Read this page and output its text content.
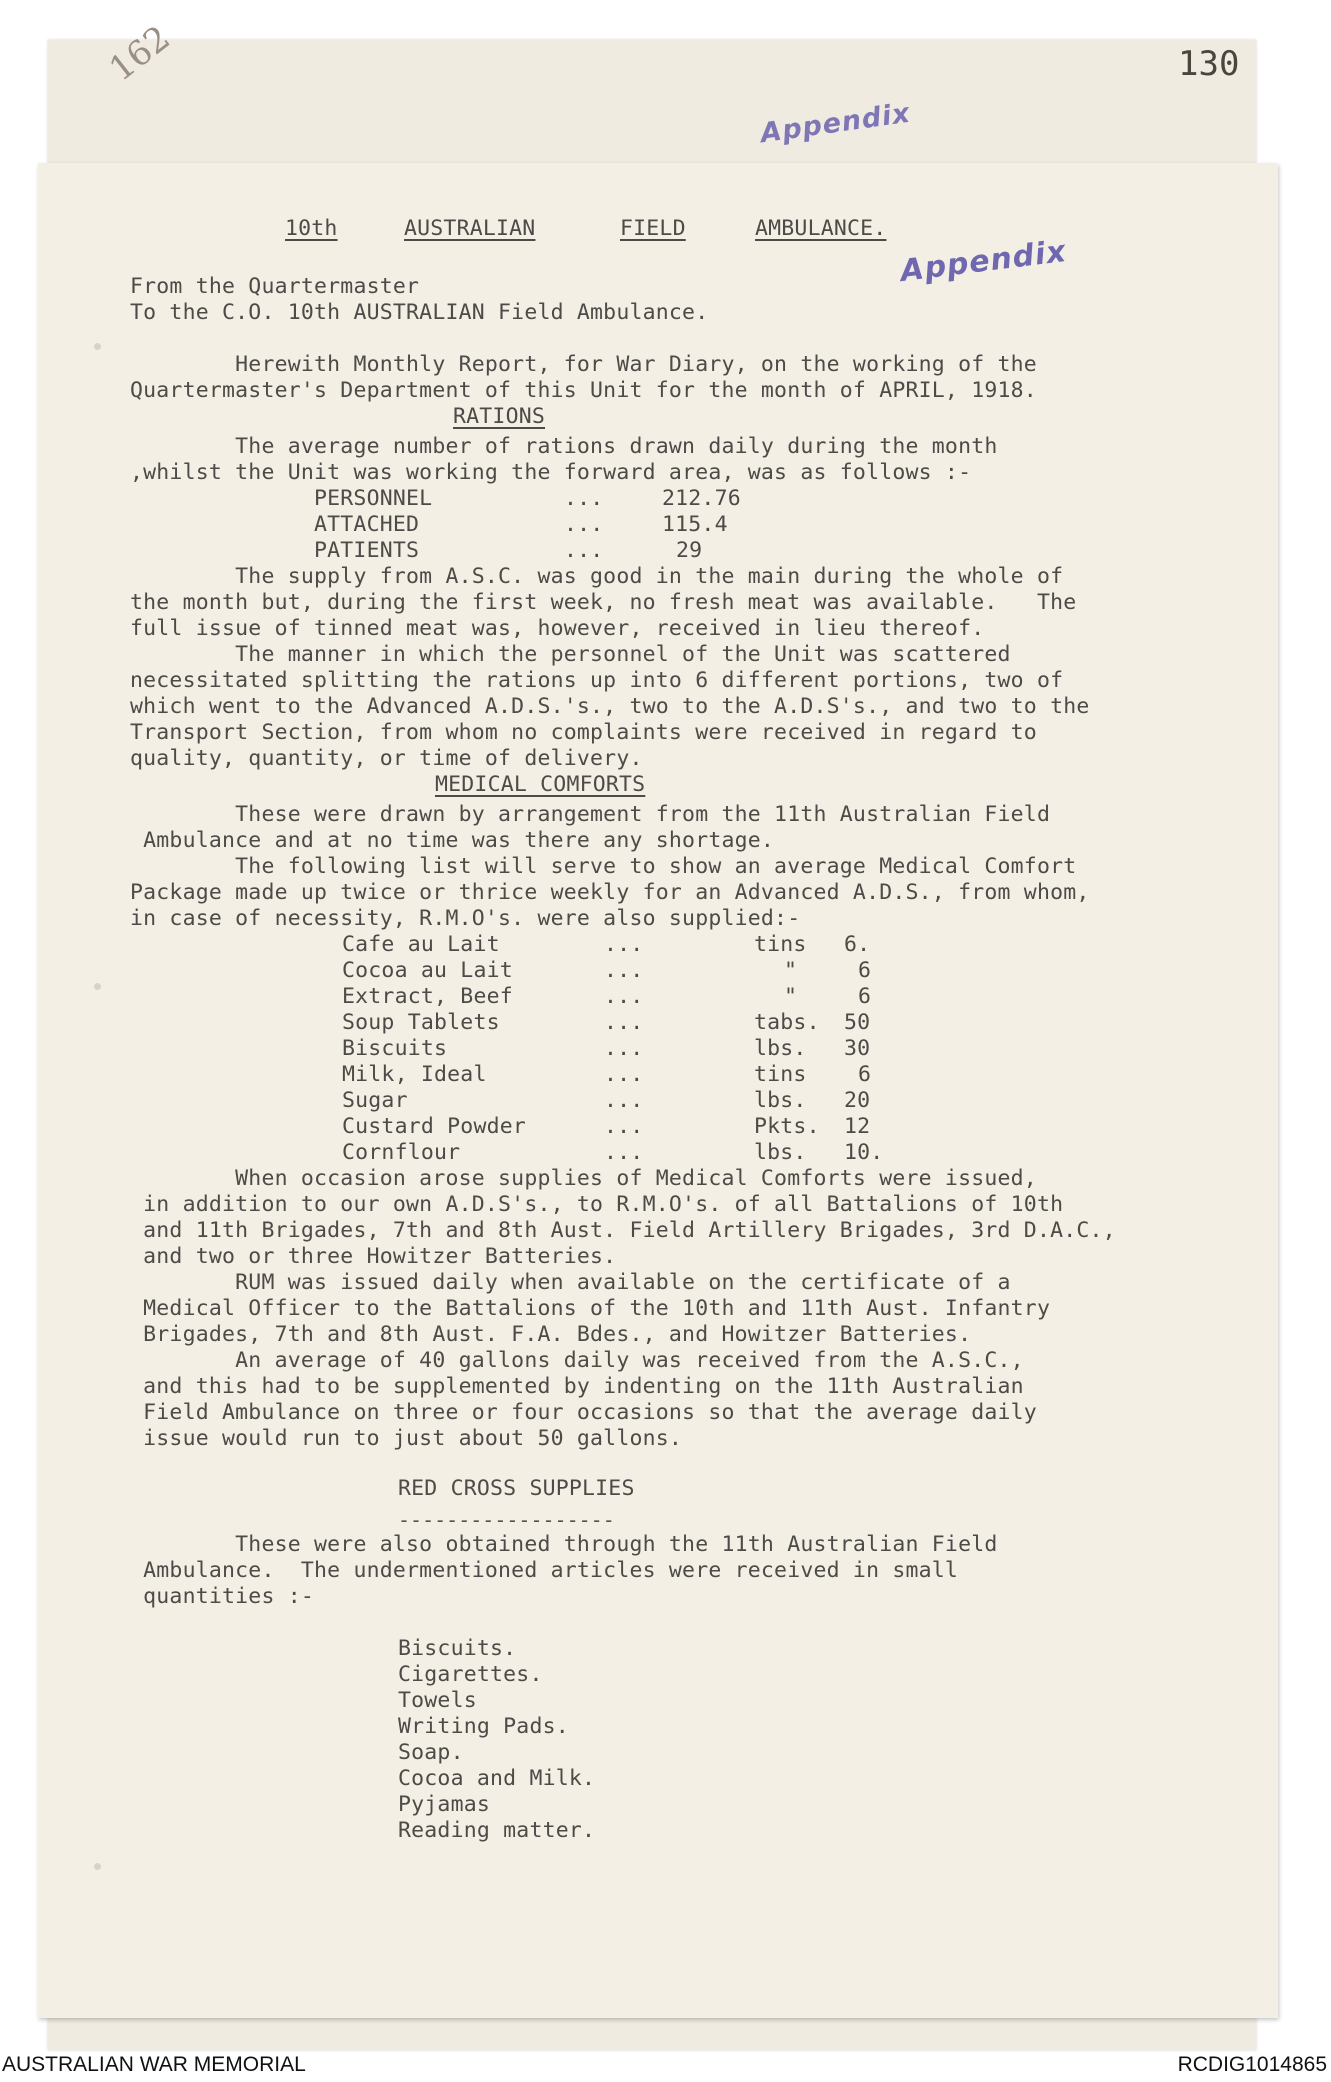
130
162
Appendix
Appendix
10th	AUSTRALIAN	FIELD	AMBULANCE.
From the Quartermaster
To the C.O. 10th AUSTRALIAN Field Ambulance.
Herewith Monthly Report, for War Diary, on the working of the
Quartermaster's Department of this Unit for the month of APRIL, 1918.
RATIONS
The average number of rations drawn daily during the month
,whilst the Unit was working the forward area, was as follows :-
PERSONNEL	...	212.76
ATTACHED	...	115.4
PATIENTS	...	29
The supply from A.S.C. was good in the main during the whole of
the month but, during the first week, no fresh meat was available.   The
full issue of tinned meat was, however, received in lieu thereof.
The manner in which the personnel of the Unit was scattered
necessitated splitting the rations up into 6 different portions, two of
which went to the Advanced A.D.S.'s., two to the A.D.S's., and two to the
Transport Section, from whom no complaints were received in regard to
quality, quantity, or time of delivery.
MEDICAL COMFORTS
These were drawn by arrangement from the 11th Australian Field
Ambulance and at no time was there any shortage.
The following list will serve to show an average Medical Comfort
Package made up twice or thrice weekly for an Advanced A.D.S., from whom,
in case of necessity, R.M.O's. were also supplied:-
Cafe au Lait	...	tins 6.
Cocoa au Lait	...	"	6
Extract, Beef	...	"	6
Soup Tablets	...	tabs. 50
Biscuits	...	lbs. 30
Milk, Ideal	...	tins 6
Sugar	...	lbs. 20
Custard Powder	...	Pkts. 12
Cornflour	...	lbs. 10.
When occasion arose supplies of Medical Comforts were issued,
in addition to our own A.D.S's., to R.M.O's. of all Battalions of 10th
and 11th Brigades, 7th and 8th Aust. Field Artillery Brigades, 3rd D.A.C.,
and two or three Howitzer Batteries.
RUM was issued daily when available on the certificate of a
Medical Officer to the Battalions of the 10th and 11th Aust. Infantry
Brigades, 7th and 8th Aust. F.A. Bdes., and Howitzer Batteries.
An average of 40 gallons daily was received from the A.S.C.,
and this had to be supplemented by indenting on the 11th Australian
Field Ambulance on three or four occasions so that the average daily
issue would run to just about 50 gallons.
RED CROSS SUPPLIES
------------------
These were also obtained through the 11th Australian Field
Ambulance.  The undermentioned articles were received in small
quantities :-
Biscuits.
Cigarettes.
Towels
Writing Pads.
Soap.
Cocoa and Milk.
Pyjamas
Reading matter.
AUSTRALIAN WAR MEMORIAL	RCDIG1014865
